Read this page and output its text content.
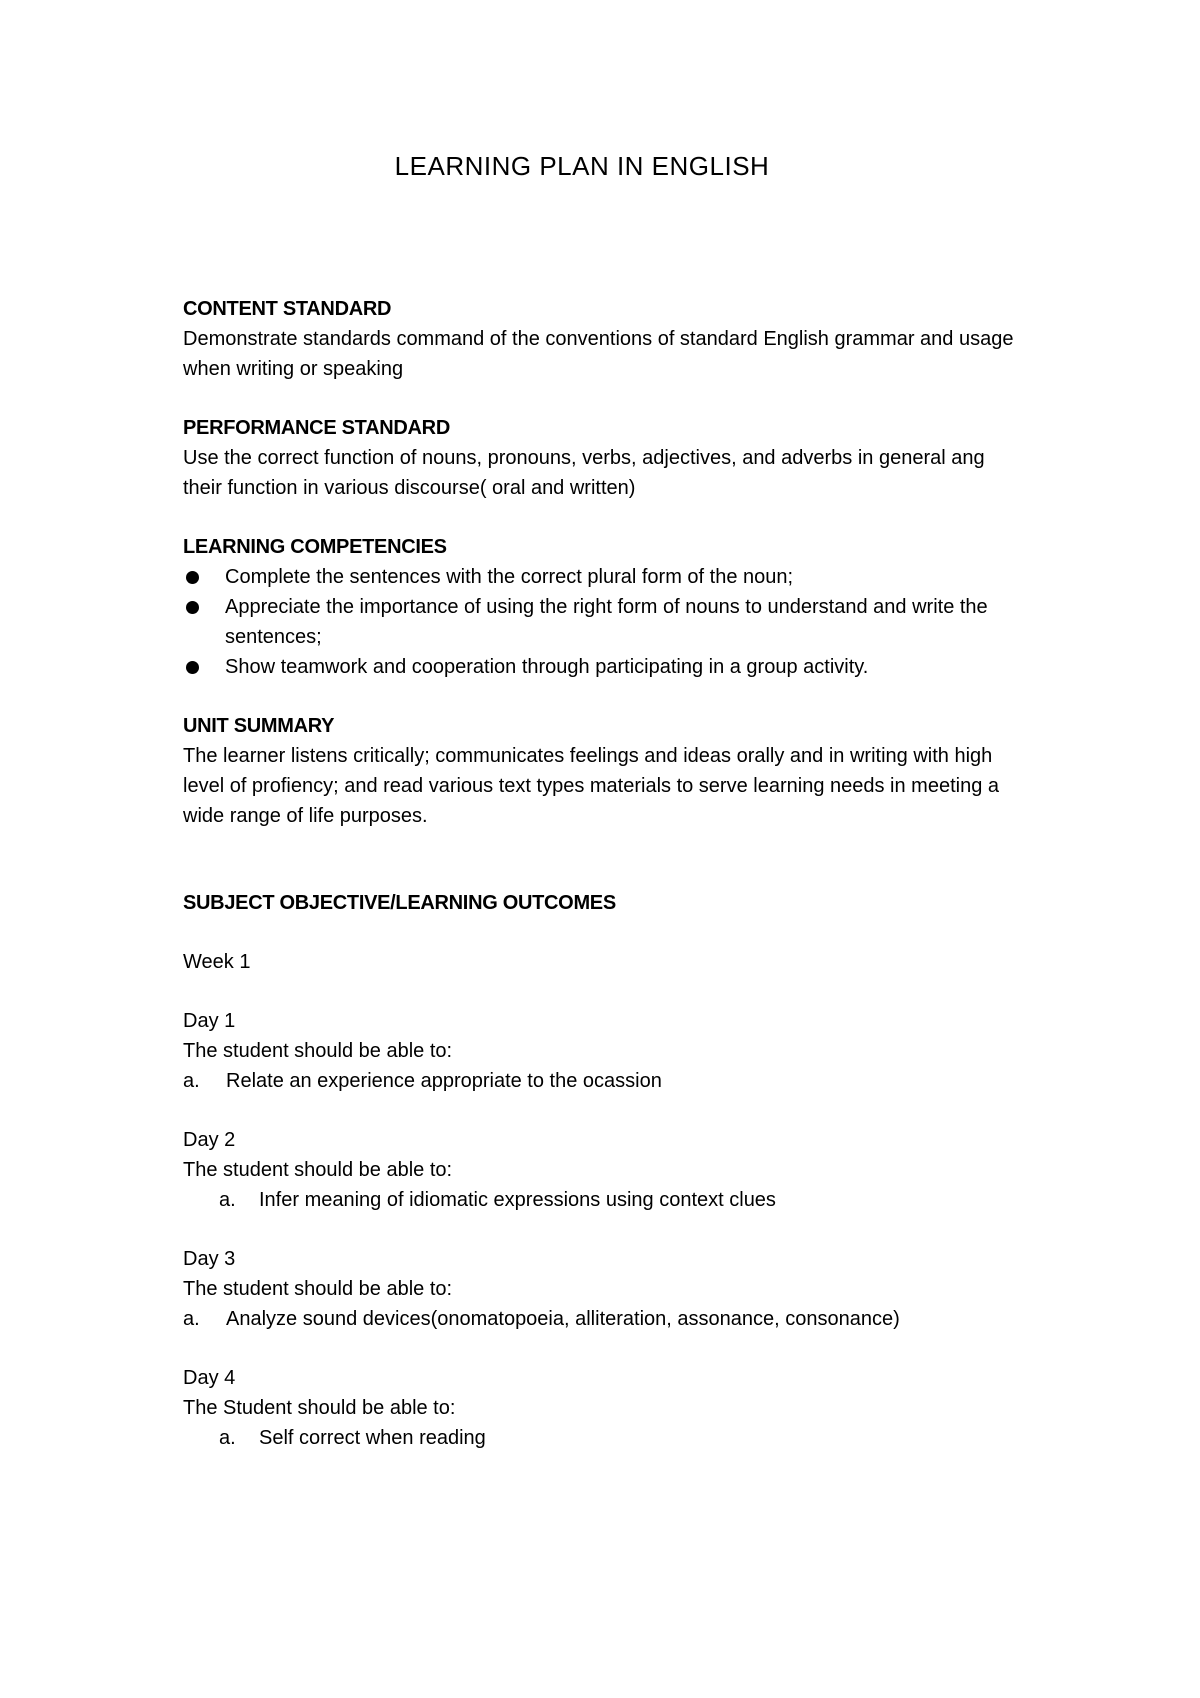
LEARNING PLAN IN ENGLISH
CONTENT STANDARD
Demonstrate standards command of the conventions of standard English grammar and usage when writing or speaking
PERFORMANCE STANDARD
Use the correct function of nouns, pronouns, verbs, adjectives, and adverbs in general ang their function in various discourse( oral and written)
LEARNING COMPETENCIES
Complete the sentences with the correct plural form of the noun;
Appreciate the importance of using the right form of nouns to understand and write the sentences;
Show teamwork and cooperation through participating in a group activity.
UNIT SUMMARY
The learner listens critically; communicates feelings and ideas orally and in writing with high level of profiency; and read various text types materials to serve learning needs in meeting a wide range of life purposes.
SUBJECT OBJECTIVE/LEARNING OUTCOMES
Week 1
Day 1
The student should be able to:
a. Relate an experience appropriate to the ocassion
Day 2
The student should be able to:
a. Infer meaning of idiomatic expressions using context clues
Day 3
The student should be able to:
a. Analyze sound devices(onomatopoeia, alliteration, assonance, consonance)
Day 4
The Student should be able to:
a. Self correct when reading
